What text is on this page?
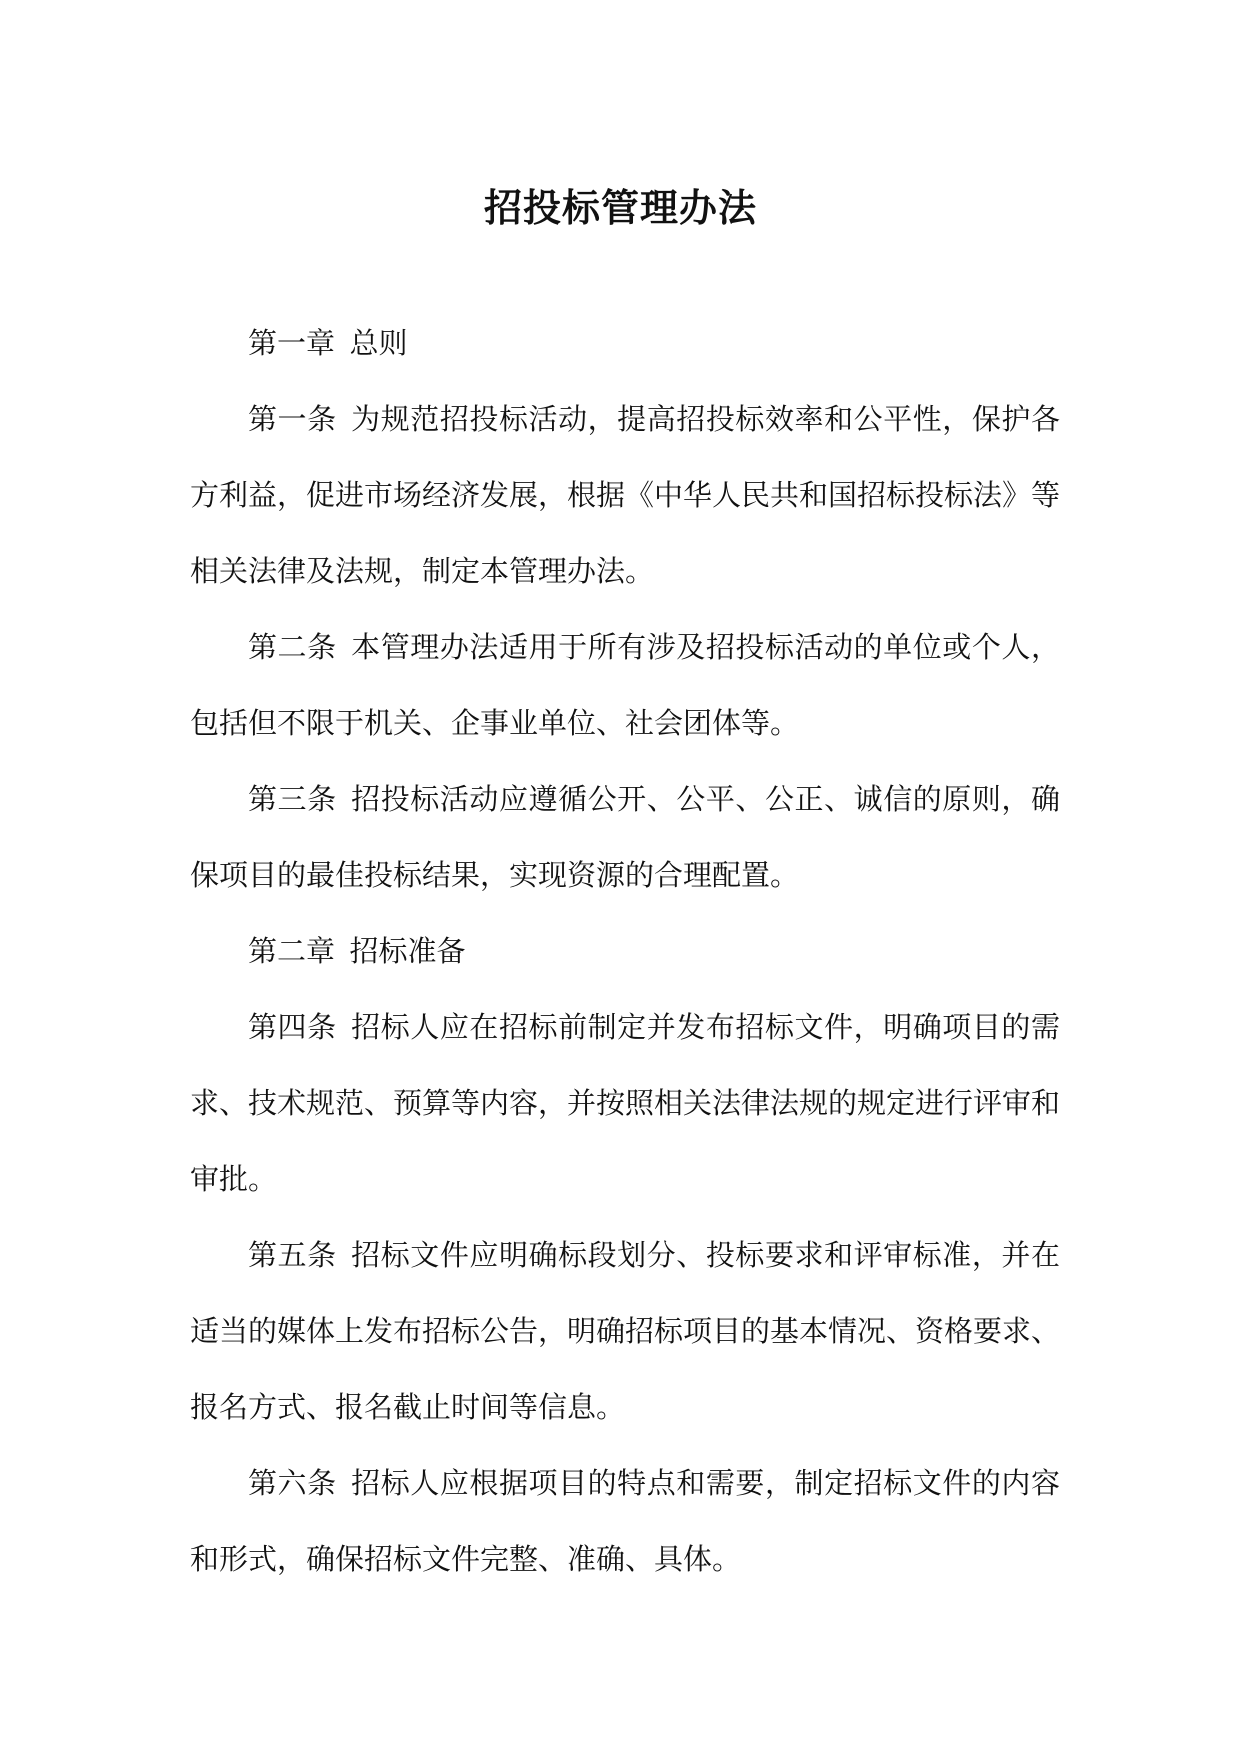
招投标管理办法

第一章 总则

第一条 为规范招投标活动，提高招投标效率和公平性，保护各方利益，促进市场经济发展，根据《中华人民共和国招标投标法》等相关法律及法规，制定本管理办法。

第二条 本管理办法适用于所有涉及招投标活动的单位或个人，包括但不限于机关、企事业单位、社会团体等。

第三条 招投标活动应遵循公开、公平、公正、诚信的原则，确保项目的最佳投标结果，实现资源的合理配置。

第二章 招标准备

第四条 招标人应在招标前制定并发布招标文件，明确项目的需求、技术规范、预算等内容，并按照相关法律法规的规定进行评审和审批。

第五条 招标文件应明确标段划分、投标要求和评审标准，并在适当的媒体上发布招标公告，明确招标项目的基本情况、资格要求、报名方式、报名截止时间等信息。

第六条 招标人应根据项目的特点和需要，制定招标文件的内容和形式，确保招标文件完整、准确、具体。
